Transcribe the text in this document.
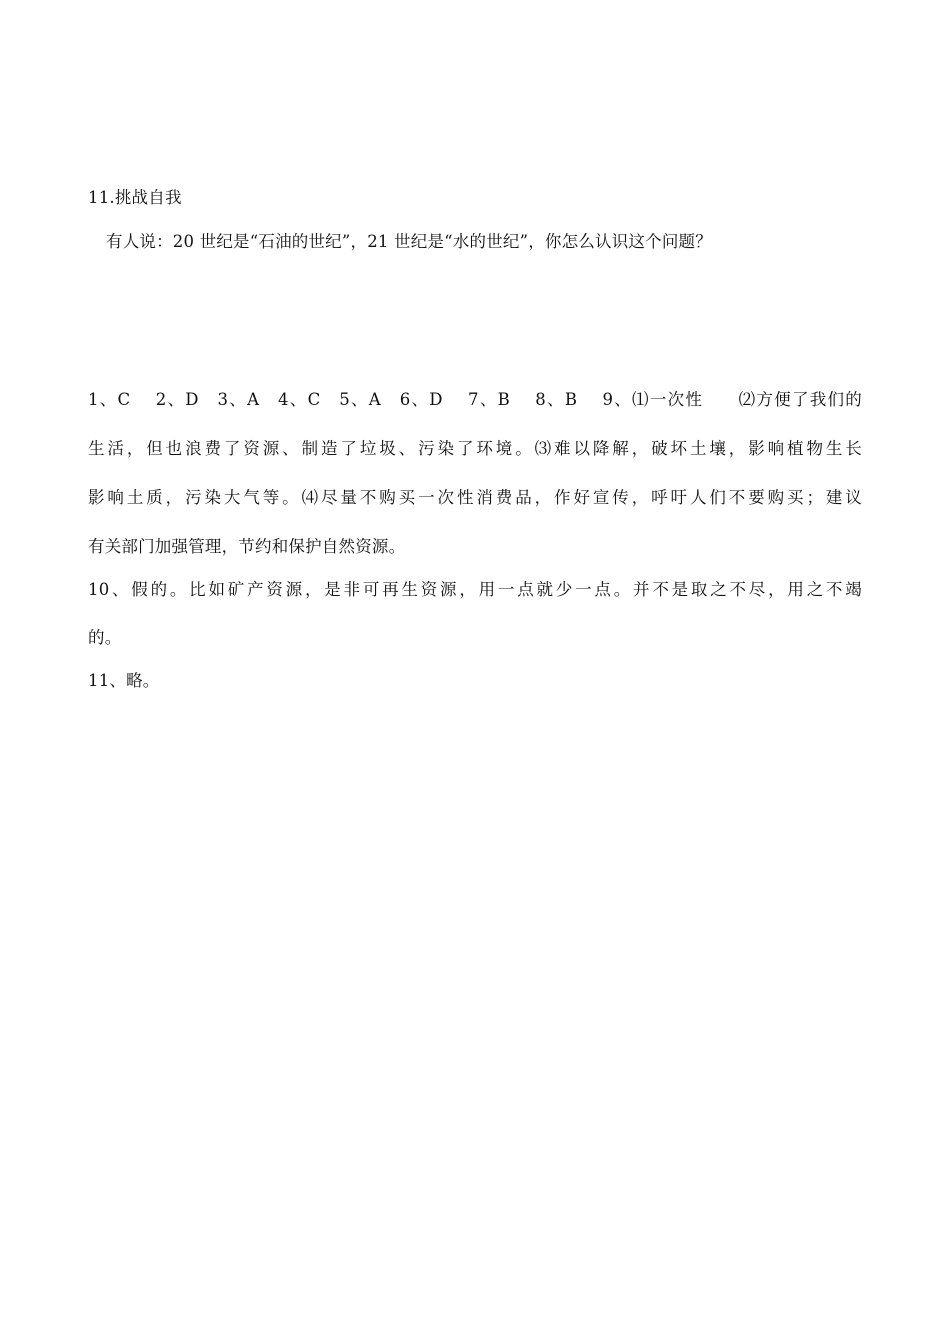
11.挑战自我
有人说：20 世纪是“石油的世纪”，21 世纪是“水的世纪”，你怎么认识这个问题？
1、C　 2、D　3、A　4、C　5、A　6、D　 7、B　 8、B　 9、⑴一次性　　⑵方便了我们的
生活，但也浪费了资源、制造了垃圾、污染了环境。⑶难以降解，破坏土壤，影响植物生长
影响土质，污染大气等。⑷尽量不购买一次性消费品，作好宣传，呼吁人们不要购买；建议
有关部门加强管理，节约和保护自然资源。
10、假的。比如矿产资源，是非可再生资源，用一点就少一点。并不是取之不尽，用之不竭
的。
11、略。
